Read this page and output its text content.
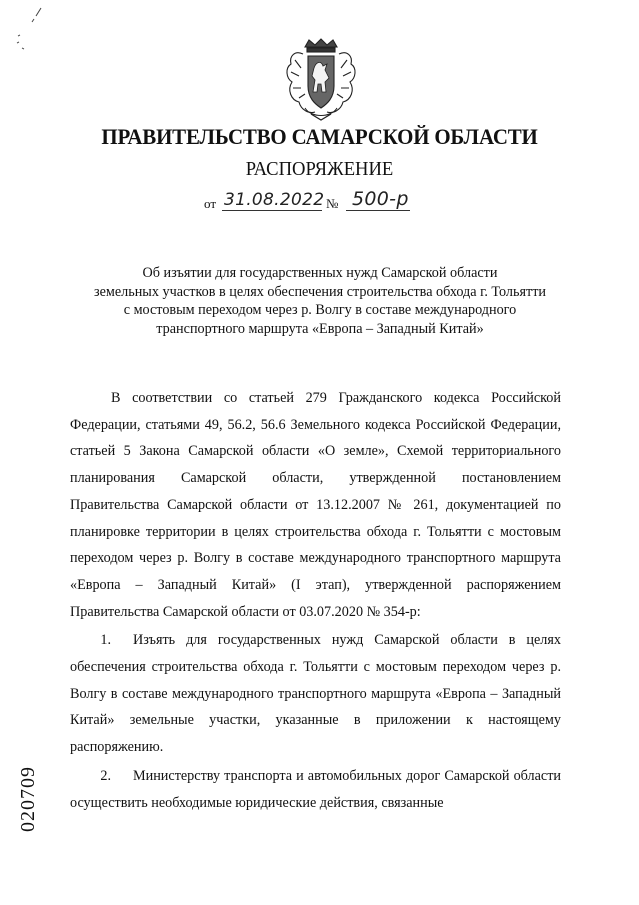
ПРАВИТЕЛЬСТВО САМАРСКОЙ ОБЛАСТИ
РАСПОРЯЖЕНИЕ
от 31.08.2022 № 500-р
Об изъятии для государственных нужд Самарской области
земельных участков в целях обеспечения строительства обхода г. Тольятти
с мостовым переходом через р. Волгу в составе международного
транспортного маршрута «Европа – Западный Китай»

В соответствии со статьей 279 Гражданского кодекса Российской Федерации, статьями 49, 56.2, 56.6 Земельного кодекса Российской Федерации, статьей 5 Закона Самарской области «О земле», Схемой территориального планирования Самарской области, утвержденной постановлением Правительства Самарской области от 13.12.2007 № 261, документацией по планировке территории в целях строительства обхода г. Тольятти с мостовым переходом через р. Волгу в составе международного транспортного маршрута «Европа – Западный Китай» (I этап), утвержденной распоряжением Правительства Самарской области от 03.07.2020 № 354-р:

1. Изъять для государственных нужд Самарской области в целях обеспечения строительства обхода г. Тольятти с мостовым переходом через р. Волгу в составе международного транспортного маршрута «Европа – Западный Китай» земельные участки, указанные в приложении к настоящему распоряжению.

2. Министерству транспорта и автомобильных дорог Самарской области осуществить необходимые юридические действия, связанные

020709
